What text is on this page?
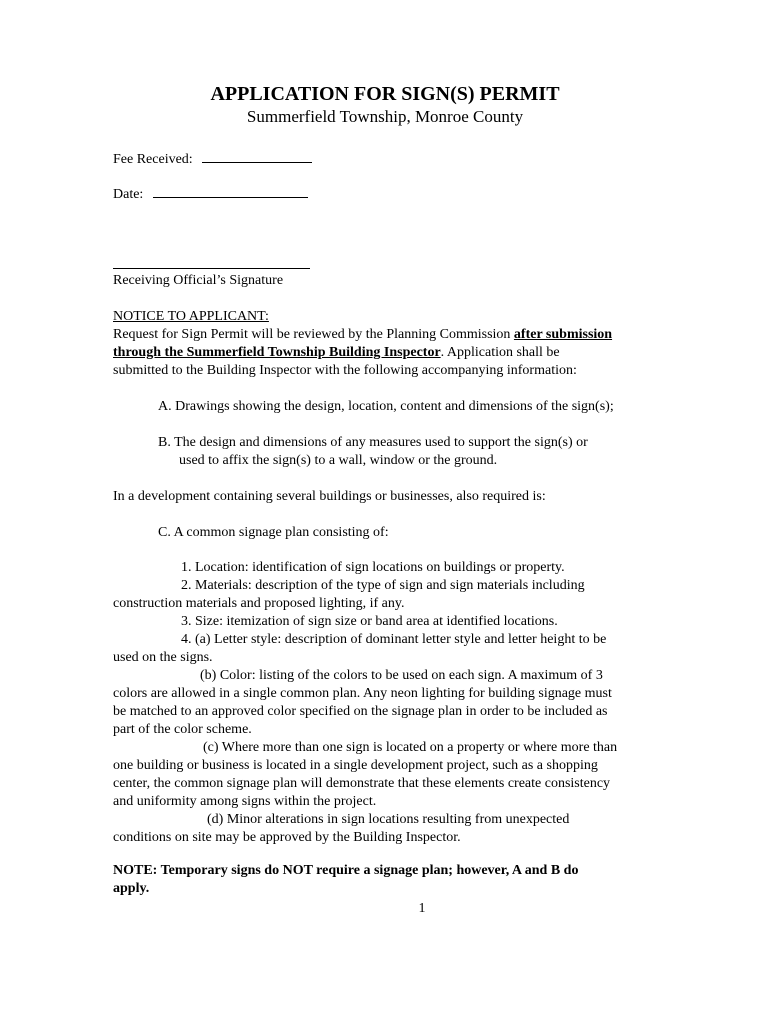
APPLICATION FOR SIGN(S) PERMIT
Summerfield Township, Monroe County
Fee Received:
Date:
Receiving Official’s Signature
NOTICE TO APPLICANT:

Request for Sign Permit will be reviewed by the Planning Commission after submission

through the Summerfield Township Building Inspector. Application shall be

submitted to the Building Inspector with the following accompanying information:

A. Drawings showing the design, location, content and dimensions of the sign(s);

B. The design and dimensions of any measures used to support the sign(s) or

used to affix the sign(s) to a wall, window or the ground.

In a development containing several buildings or businesses, also required is:
C. A common signage plan consisting of:

1. Location: identification of sign locations on buildings or property.

2. Materials: description of the type of sign and sign materials including

construction materials and proposed lighting, if any.

3. Size: itemization of sign size or band area at identified locations.

4. (a) Letter style: description of dominant letter style and letter height to be

used on the signs.

(b) Color: listing of the colors to be used on each sign. A maximum of 3

colors are allowed in a single common plan. Any neon lighting for building signage must

be matched to an approved color specified on the signage plan in order to be included as

part of the color scheme.

(c) Where more than one sign is located on a property or where more than

one building or business is located in a single development project, such as a shopping

center, the common signage plan will demonstrate that these elements create consistency

and uniformity among signs within the project.

(d) Minor alterations in sign locations resulting from unexpected

conditions on site may be approved by the Building Inspector.

NOTE: Temporary signs do NOT require a signage plan; however, A and B do

apply.

1
